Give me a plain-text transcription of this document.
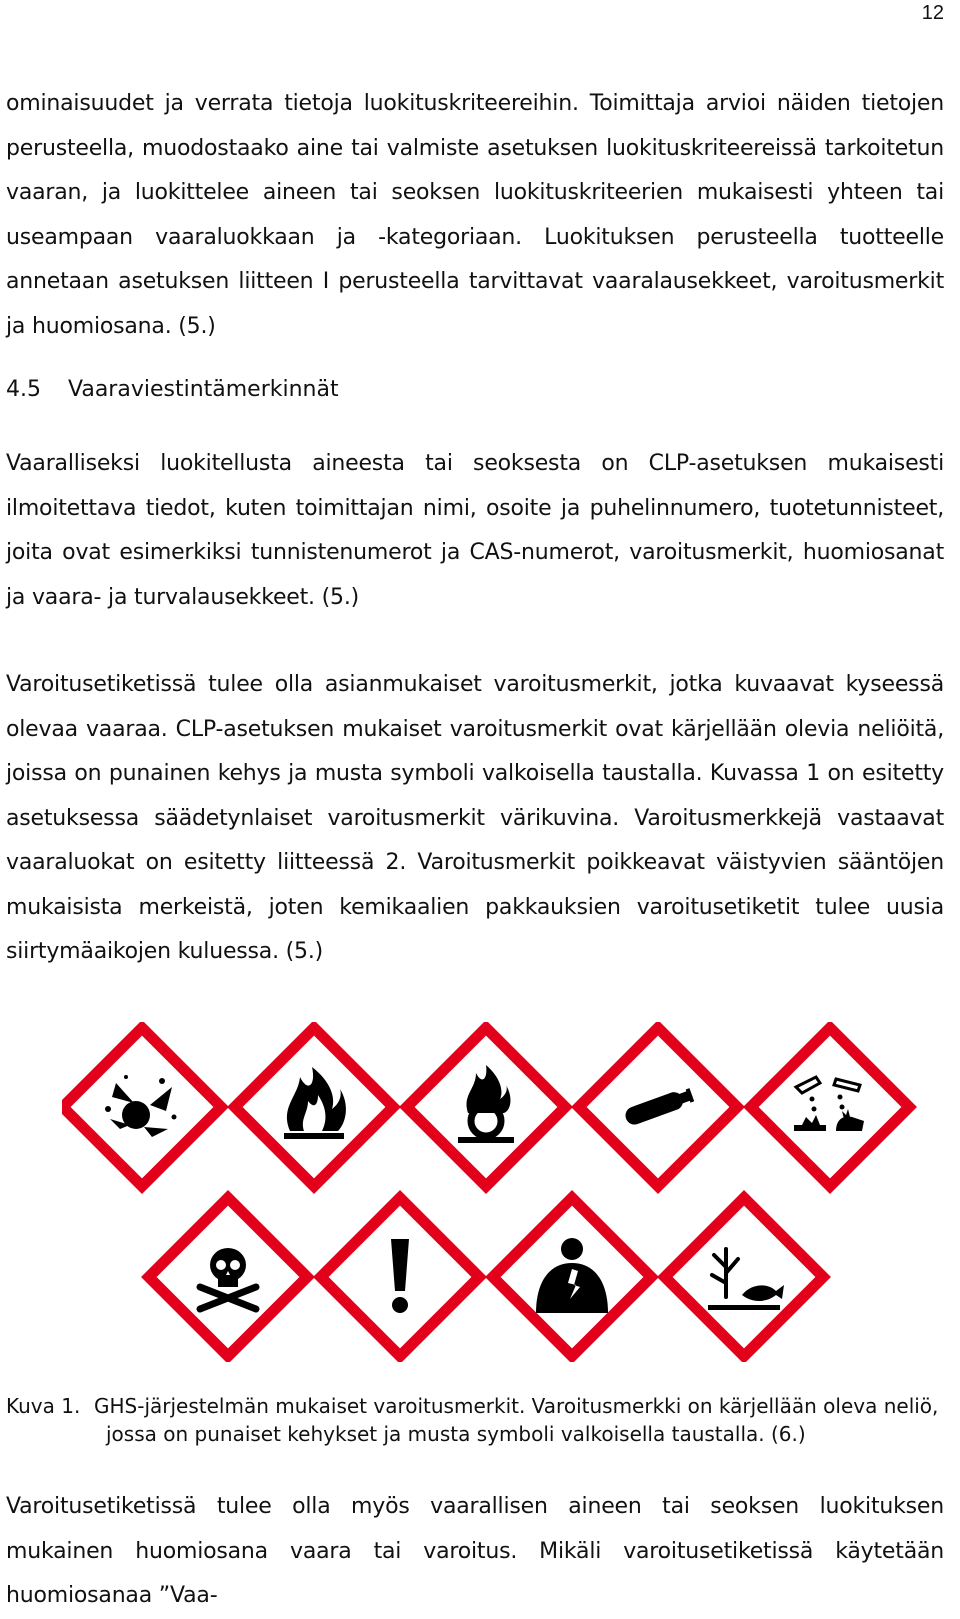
12

ominaisuudet ja verrata tietoja luokituskriteereihin. Toimittaja arvioi näiden tietojen perusteella, muodostaako aine tai valmiste asetuksen luokituskriteereissä tarkoitetun vaaran, ja luokittelee aineen tai seoksen luokituskriteerien mukaisesti yhteen tai useampaan vaaraluokkaan ja -kategoriaan. Luokituksen perusteella tuotteelle annetaan asetuksen liitteen I perusteella tarvittavat vaaralausekkeet, varoitusmerkit ja huomiosana. (5.)

4.5 Vaaraviestintämerkinnät

Vaaralliseksi luokitellusta aineesta tai seoksesta on CLP-asetuksen mukaisesti ilmoitettava tiedot, kuten toimittajan nimi, osoite ja puhelinnumero, tuotetunnisteet, joita ovat esimerkiksi tunnistenumerot ja CAS-numerot, varoitusmerkit, huomiosanat ja vaara- ja turvalausekkeet. (5.)

Varoitusetiketissä tulee olla asianmukaiset varoitusmerkit, jotka kuvaavat kyseessä olevaa vaaraa. CLP-asetuksen mukaiset varoitusmerkit ovat kärjellään olevia neliöitä, joissa on punainen kehys ja musta symboli valkoisella taustalla. Kuvassa 1 on esitetty asetuksessa säädetynlaiset varoitusmerkit värikuvina. Varoitusmerkkejä vastaavat vaaraluokat on esitetty liitteessä 2. Varoitusmerkit poikkeavat väistyvien sääntöjen mukaisista merkeistä, joten kemikaalien pakkauksien varoitusetiketit tulee uusia siirtymäaikojen kuluessa. (5.)

Kuva 1. GHS-järjestelmän mukaiset varoitusmerkit. Varoitusmerkki on kärjellään oleva neliö,
jossa on punaiset kehykset ja musta symboli valkoisella taustalla. (6.)

Varoitusetiketissä tulee olla myös vaarallisen aineen tai seoksen luokituksen mukainen huomiosana vaara tai varoitus. Mikäli varoitusetiketissä käytetään huomiosanaa ”Vaa-
